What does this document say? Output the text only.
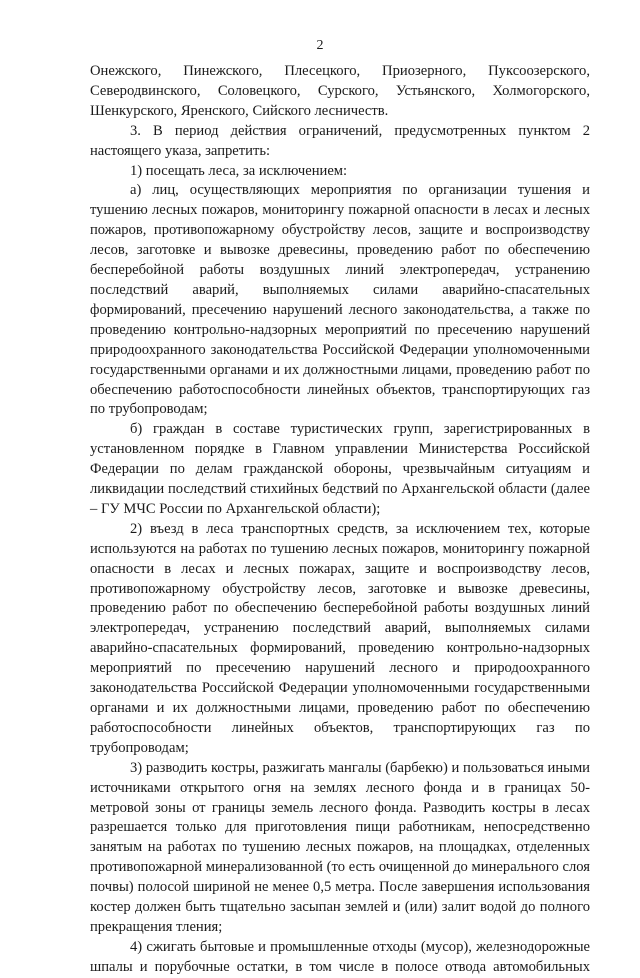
2

Онежского, Пинежского, Плесецкого, Приозерного, Пуксоозерского, Северодвинского, Соловецкого, Сурского, Устьянского, Холмогорского, Шенкурского, Яренского, Сийского лесничеств.

3. В период действия ограничений, предусмотренных пунктом 2 настоящего указа, запретить:

1) посещать леса, за исключением:

а) лиц, осуществляющих мероприятия по организации тушения и тушению лесных пожаров, мониторингу пожарной опасности в лесах и лесных пожаров, противопожарному обустройству лесов, защите и воспроизводству лесов, заготовке и вывозке древесины, проведению работ по обеспечению бесперебойной работы воздушных линий электропередач, устранению последствий аварий, выполняемых силами аварийно-спасательных формирований, пресечению нарушений лесного законодательства, а также по проведению контрольно-надзорных мероприятий по пресечению нарушений природоохранного законодательства Российской Федерации уполномоченными государственными органами и их должностными лицами, проведению работ по обеспечению работоспособности линейных объектов, транспортирующих газ по трубопроводам;

б) граждан в составе туристических групп, зарегистрированных в установленном порядке в Главном управлении Министерства Российской Федерации по делам гражданской обороны, чрезвычайным ситуациям и ликвидации последствий стихийных бедствий по Архангельской области (далее – ГУ МЧС России по Архангельской области);

2) въезд в леса транспортных средств, за исключением тех, которые используются на работах по тушению лесных пожаров, мониторингу пожарной опасности в лесах и лесных пожарах, защите и воспроизводству лесов, противопожарному обустройству лесов, заготовке и вывозке древесины, проведению работ по обеспечению бесперебойной работы воздушных линий электропередач, устранению последствий аварий, выполняемых силами аварийно-спасательных формирований, проведению контрольно-надзорных мероприятий по пресечению нарушений лесного и природоохранного законодательства Российской Федерации уполномоченными государственными органами и их должностными лицами, проведению работ по обеспечению работоспособности линейных объектов, транспортирующих газ по трубопроводам;

3) разводить костры, разжигать мангалы (барбекю) и пользоваться иными источниками открытого огня на землях лесного фонда и в границах 50-метровой зоны от границы земель лесного фонда. Разводить костры в лесах разрешается только для приготовления пищи работникам, непосредственно занятым на работах по тушению лесных пожаров, на площадках, отделенных противопожарной минерализованной (то есть очищенной до минерального слоя почвы) полосой шириной не менее 0,5 метра. После завершения использования костер должен быть тщательно засыпан землей и (или) залит водой до полного прекращения тления;

4) сжигать бытовые и промышленные отходы (мусор), железнодорожные шпалы и порубочные остатки, в том числе в полосе отвода автомобильных
